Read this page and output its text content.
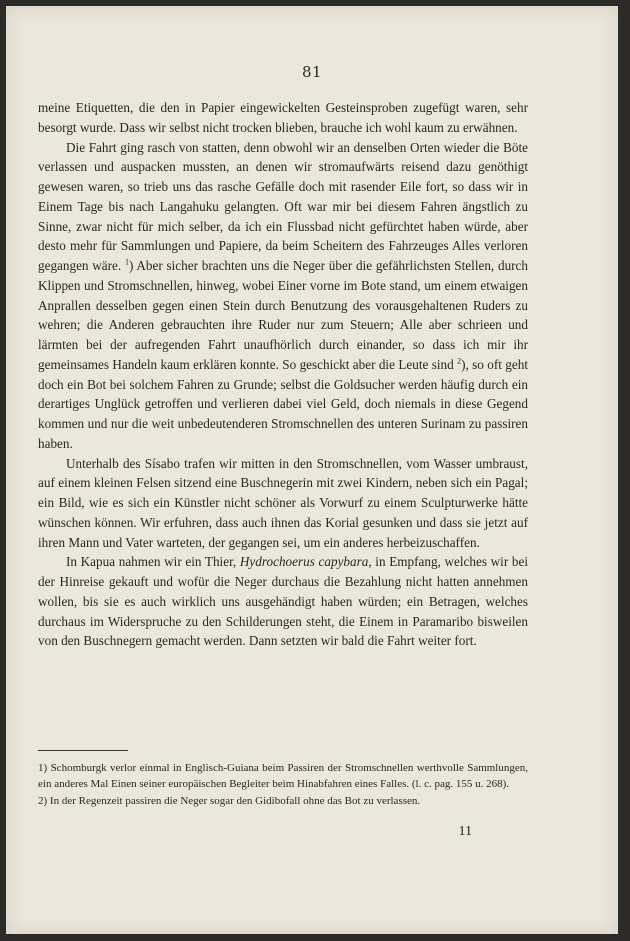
81

meine Etiquetten, die den in Papier eingewickelten Gesteinsproben zugefügt waren, sehr besorgt wurde. Dass wir selbst nicht trocken blieben, brauche ich wohl kaum zu erwähnen.

Die Fahrt ging rasch von statten, denn obwohl wir an denselben Orten wieder die Böte verlassen und auspacken mussten, an denen wir stromaufwärts reisend dazu genöthigt gewesen waren, so trieb uns das rasche Gefälle doch mit rasender Eile fort, so dass wir in Einem Tage bis nach Langahuku gelangten. Oft war mir bei diesem Fahren ängstlich zu Sinne, zwar nicht für mich selber, da ich ein Flussbad nicht gefürchtet haben würde, aber desto mehr für Sammlungen und Papiere, da beim Scheitern des Fahrzeuges Alles verloren gegangen wäre. $^1$) Aber sicher brachten uns die Neger über die gefährlichsten Stellen, durch Klippen und Stromschnellen, hinweg, wobei Einer vorne im Bote stand, um einem etwaigen Anprallen desselben gegen einen Stein durch Benutzung des vorausgehaltenen Ruders zu wehren; die Anderen gebrauchten ihre Ruder nur zum Steuern; Alle aber schrieen und lärmten bei der aufregenden Fahrt unaufhörlich durch einander, so dass ich mir ihr gemeinsames Handeln kaum erklären konnte. So geschickt aber die Leute sind $^2$), so oft geht doch ein Bot bei solchem Fahren zu Grunde; selbst die Goldsucher werden häufig durch ein derartiges Unglück getroffen und verlieren dabei viel Geld, doch niemals in diese Gegend kommen und nur die weit unbedeutenderen Stromschnellen des unteren Surinam zu passiren haben.

Unterhalb des Sísabo trafen wir mitten in den Stromschnellen, vom Wasser umbraust, auf einem kleinen Felsen sitzend eine Buschnegerin mit zwei Kindern, neben sich ein Pagal; ein Bild, wie es sich ein Künstler nicht schöner als Vorwurf zu einem Sculpturwerke hätte wünschen können. Wir erfuhren, dass auch ihnen das Korial gesunken und dass sie jetzt auf ihren Mann und Vater warteten, der gegangen sei, um ein anderes herbeizuschaffen.

In Kapua nahmen wir ein Thier, Hydrochoerus capybara, in Empfang, welches wir bei der Hinreise gekauft und wofür die Neger durchaus die Bezahlung nicht hatten annehmen wollen, bis sie es auch wirklich uns ausgehändigt haben würden; ein Betragen, welches durchaus im Widerspruche zu den Schilderungen steht, die Einem in Paramaribo bisweilen von den Buschnegern gemacht werden. Dann setzten wir bald die Fahrt weiter fort.

1) Schomburgk verlor einmal in Englisch-Guiana beim Passiren der Stromschnellen werthvolle Sammlungen, ein anderes Mal Einen seiner europäischen Begleiter beim Hinabfahren eines Falles. (l. c. pag. 155 u. 268).

2) In der Regenzeit passiren die Neger sogar den Gidibofall ohne das Bot zu verlassen.

11
